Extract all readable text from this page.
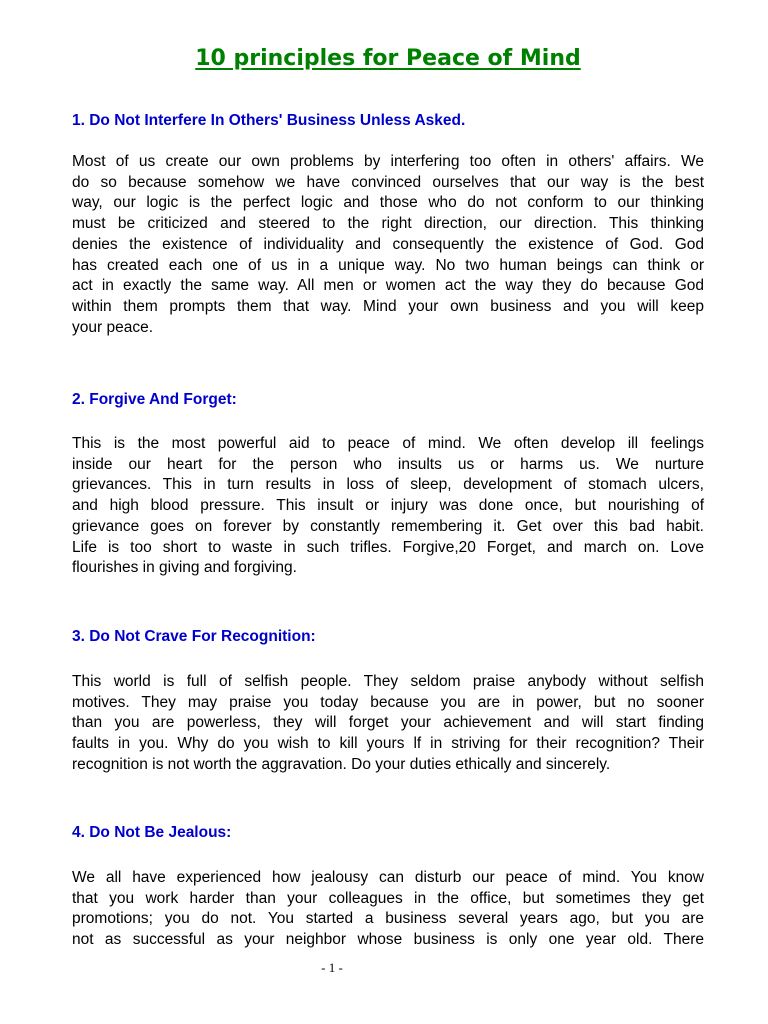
10 principles for Peace of Mind
1. Do Not Interfere In Others' Business Unless Asked.
Most of us create our own problems by interfering too often in others' affairs. We
do so because somehow we have convinced ourselves that our way is the best
way, our logic is the perfect logic and those who do not conform to our thinking
must be criticized and steered to the right direction, our direction. This thinking
denies the existence of individuality and consequently the existence of God. God
has created each one of us in a unique way. No two human beings can think or
act in exactly the same way. All men or women act the way they do because God
within them prompts them that way. Mind your own business and you will keep
your peace.
2. Forgive And Forget:
This is the most powerful aid to peace of mind. We often develop ill feelings
inside our heart for the person who insults us or harms us. We nurture
grievances. This in turn results in loss of sleep, development of stomach ulcers,
and high blood pressure. This insult or injury was done once, but nourishing of
grievance goes on forever by constantly remembering it. Get over this bad habit.
Life is too short to waste in such trifles. Forgive,20 Forget, and march on. Love
flourishes in giving and forgiving.
3. Do Not Crave For Recognition:
This world is full of selfish people. They seldom praise anybody without selfish
motives. They may praise you today because you are in power, but no sooner
than you are powerless, they will forget your achievement and will start finding
faults in you. Why do you wish to kill yours lf in striving for their recognition? Their
recognition is not worth the aggravation. Do your duties ethically and sincerely.
4. Do Not Be Jealous:
We all have experienced how jealousy can disturb our peace of mind. You know
that you work harder than your colleagues in the office, but sometimes they get
promotions; you do not. You started a business several years ago, but you are
not as successful as your neighbor whose business is only one year old. There
- 1 -
